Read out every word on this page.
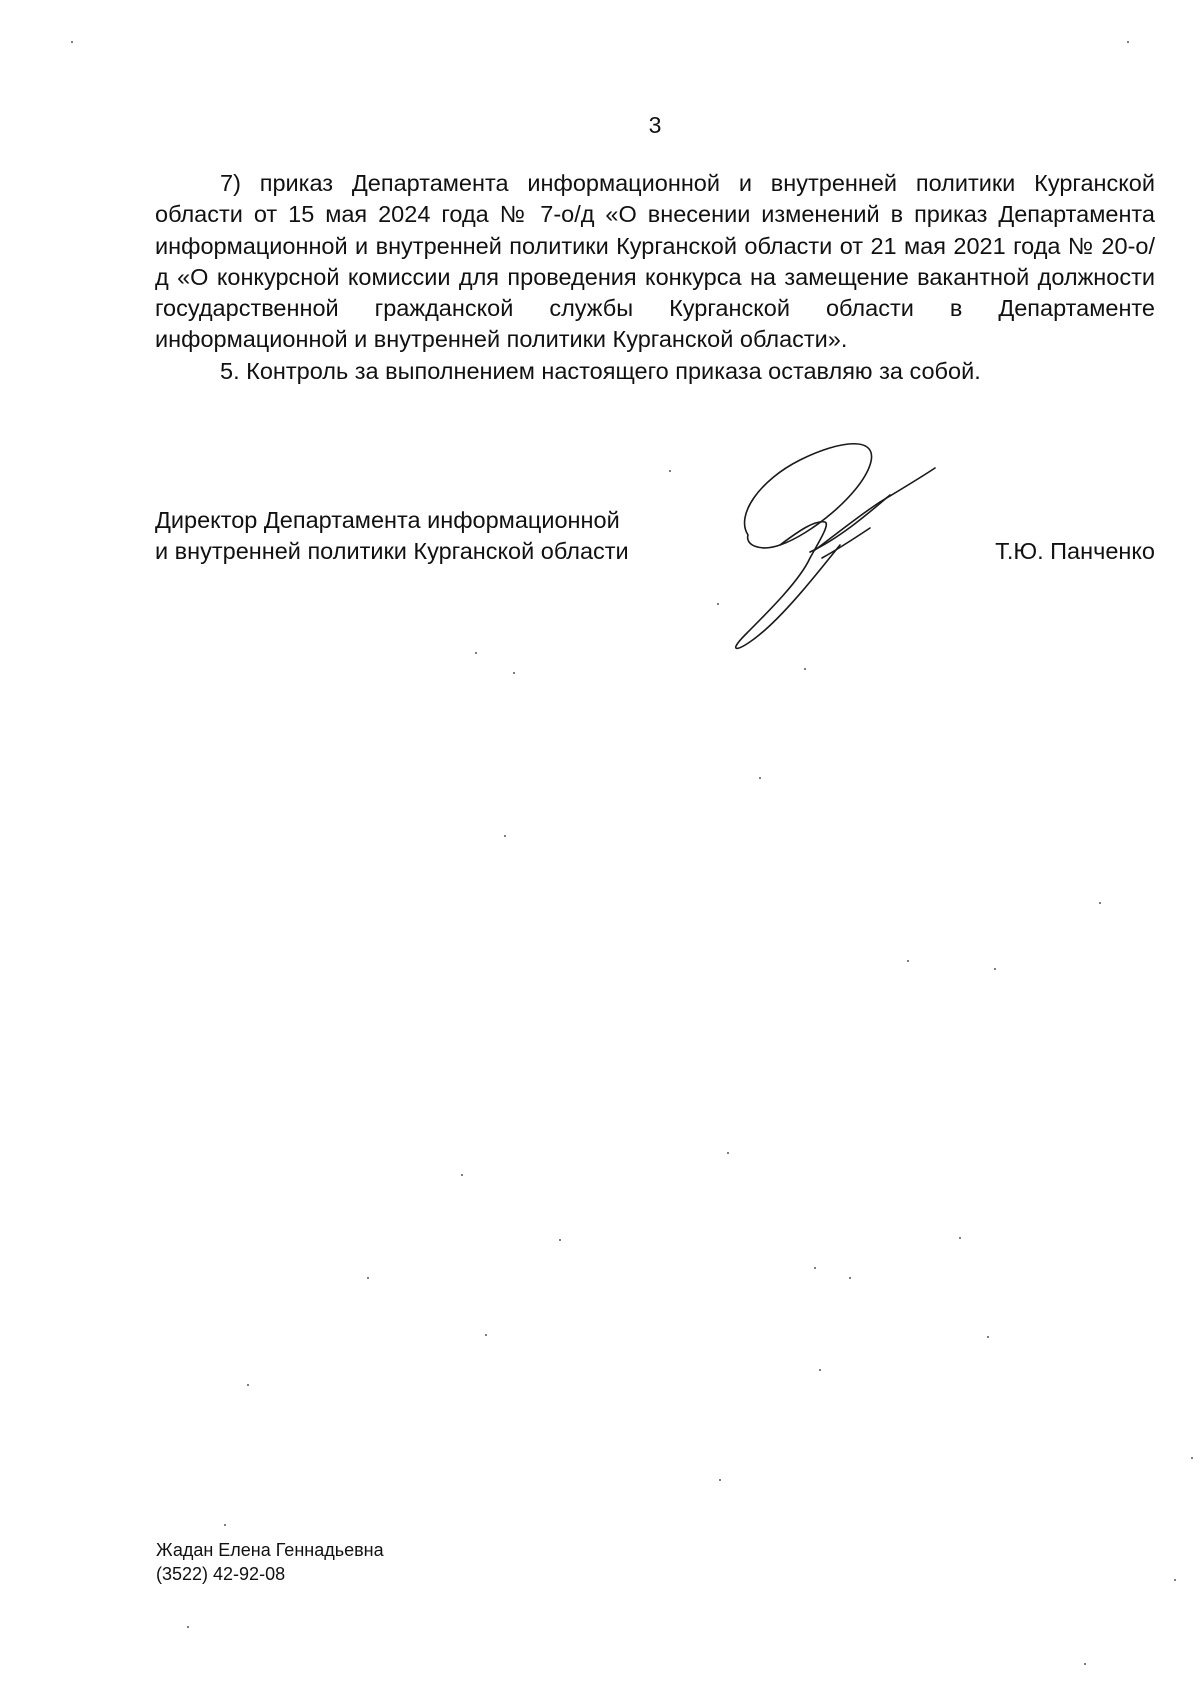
3

7) приказ Департамента информационной и внутренней политики Курганской области от 15 мая 2024 года № 7-о/д «О внесении изменений в приказ Департамента информационной и внутренней политики Курганской области от 21 мая 2021 года № 20-о/д «О конкурсной комиссии для проведения конкурса на замещение вакантной должности государственной гражданской службы Курганской области в Департаменте информационной и внутренней политики Курганской области».

5. Контроль за выполнением настоящего приказа оставляю за собой.

Директор Департамента информационной
и внутренней политики Курганской области	Т.Ю. Панченко
Жадан Елена Геннадьевна
(3522) 42-92-08
